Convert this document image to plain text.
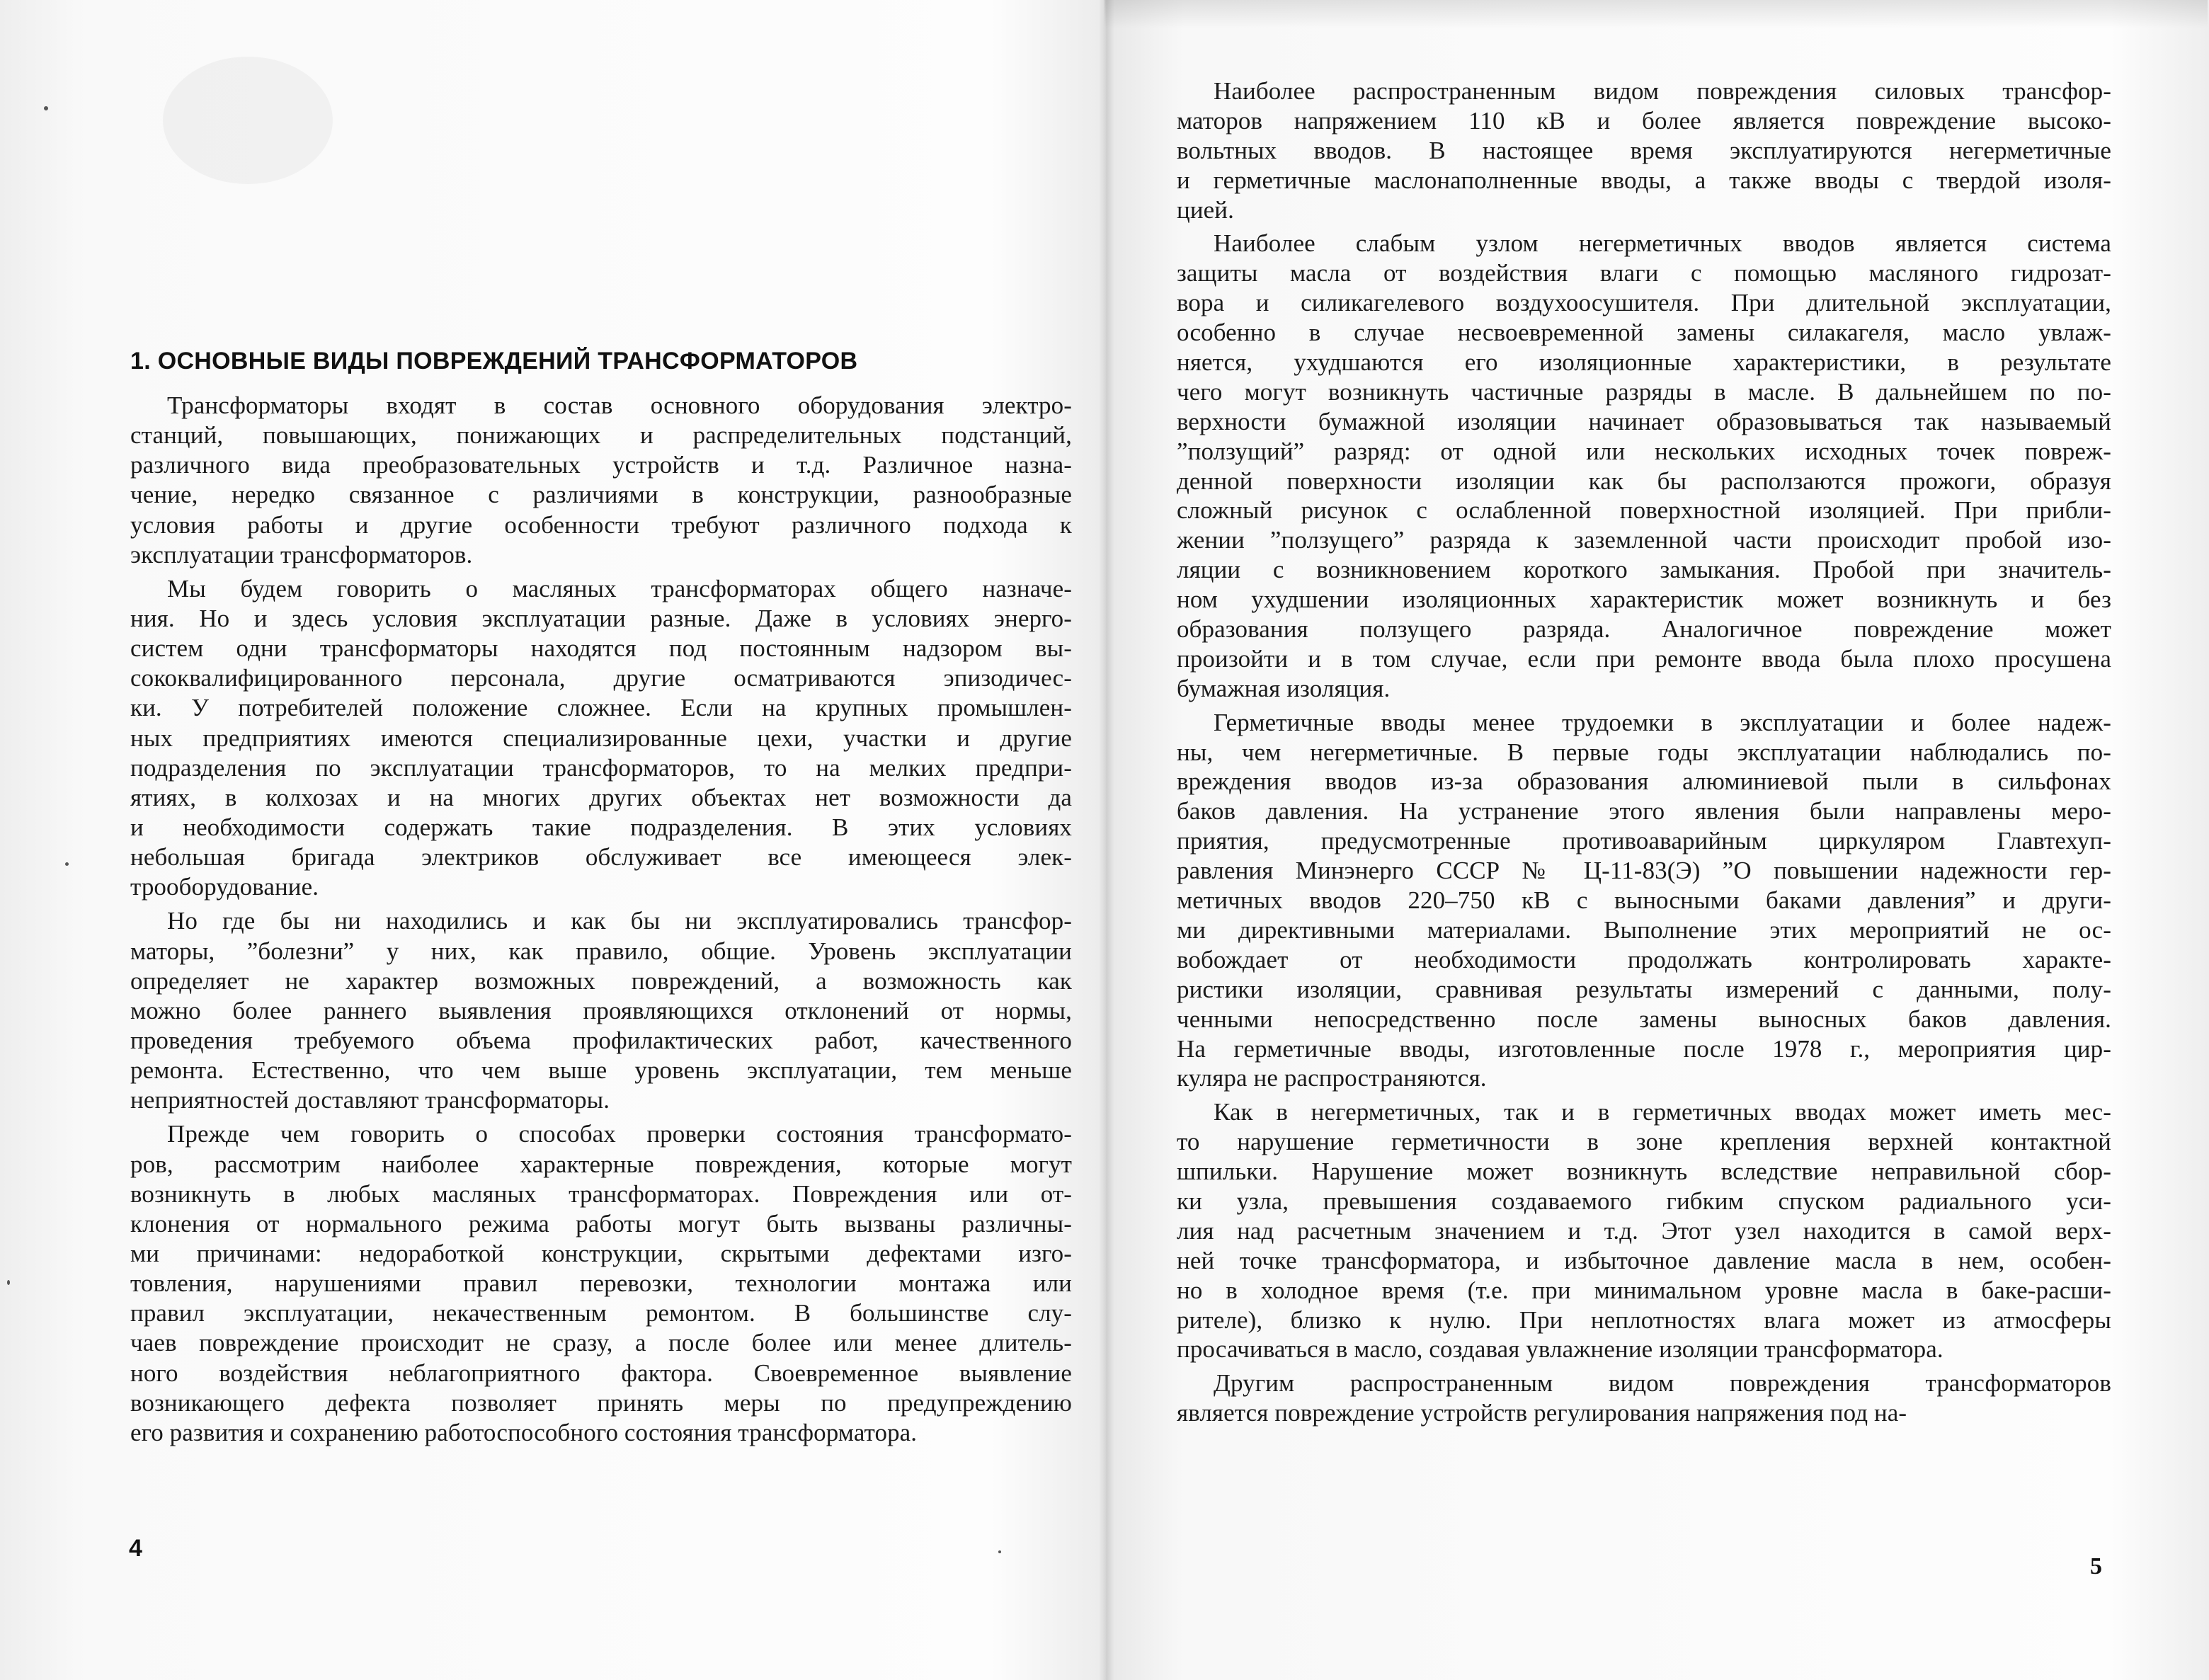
1. ОСНОВНЫЕ ВИДЫ ПОВРЕЖДЕНИЙ ТРАНСФОРМАТОРОВ
Трансформаторы входят в состав основного оборудования электро-
станций, повышающих, понижающих и распределительных подстанций,
различного вида преобразовательных устройств и т.д. Различное назна-
чение, нередко связанное с различиями в конструкции, разнообразные
условия работы и другие особенности требуют различного подхода к
эксплуатации трансформаторов.
Мы будем говорить о масляных трансформаторах общего назначе-
ния. Но и здесь условия эксплуатации разные. Даже в условиях энерго-
систем одни трансформаторы находятся под постоянным надзором вы-
сококвалифицированного персонала, другие осматриваются эпизодичес-
ки. У потребителей положение сложнее. Если на крупных промышлен-
ных предприятиях имеются специализированные цехи, участки и другие
подразделения по эксплуатации трансформаторов, то на мелких предпри-
ятиях, в колхозах и на многих других объектах нет возможности да
и необходимости содержать такие подразделения. В этих условиях
небольшая бригада электриков обслуживает все имеющееся элек-
трооборудование.
Но где бы ни находились и как бы ни эксплуатировались трансфор-
маторы, ”болезни” у них, как правило, общие. Уровень эксплуатации
определяет не характер возможных повреждений, а возможность как
можно более раннего выявления проявляющихся отклонений от нормы,
проведения требуемого объема профилактических работ, качественного
ремонта. Естественно, что чем выше уровень эксплуатации, тем меньше
неприятностей доставляют трансформаторы.
Прежде чем говорить о способах проверки состояния трансформато-
ров, рассмотрим наиболее характерные повреждения, которые могут
возникнуть в любых масляных трансформаторах. Повреждения или от-
клонения от нормального режима работы могут быть вызваны различны-
ми причинами: недоработкой конструкции, скрытыми дефектами изго-
товления, нарушениями правил перевозки, технологии монтажа или
правил эксплуатации, некачественным ремонтом. В большинстве слу-
чаев повреждение происходит не сразу, а после более или менее длитель-
ного воздействия неблагоприятного фактора. Своевременное выявление
возникающего дефекта позволяет принять меры по предупреждению
его развития и сохранению работоспособного состояния трансформатора.
4
Наиболее распространенным видом повреждения силовых трансфор-
маторов напряжением 110 кВ и более является повреждение высоко-
вольтных вводов. В настоящее время эксплуатируются негерметичные
и герметичные маслонаполненные вводы, а также вводы с твердой изоля-
цией.
Наиболее слабым узлом негерметичных вводов является система
защиты масла от воздействия влаги с помощью масляного гидрозат-
вора и силикагелевого воздухоосушителя. При длительной эксплуатации,
особенно в случае несвоевременной замены силакагеля, масло увлаж-
няется, ухудшаются его изоляционные характеристики, в результате
чего могут возникнуть частичные разряды в масле. В дальнейшем по по-
верхности бумажной изоляции начинает образовываться так называемый
”ползущий” разряд: от одной или нескольких исходных точек повреж-
денной поверхности изоляции как бы расползаются прожоги, образуя
сложный рисунок с ослабленной поверхностной изоляцией. При прибли-
жении ”ползущего” разряда к заземленной части происходит пробой изо-
ляции с возникновением короткого замыкания. Пробой при значитель-
ном ухудшении изоляционных характеристик может возникнуть и без
образования ползущего разряда. Аналогичное повреждение может
произойти и в том случае, если при ремонте ввода была плохо просушена
бумажная изоляция.
Герметичные вводы менее трудоемки в эксплуатации и более надеж-
ны, чем негерметичные. В первые годы эксплуатации наблюдались по-
вреждения вводов из-за образования алюминиевой пыли в сильфонах
баков давления. На устранение этого явления были направлены меро-
приятия, предусмотренные противоаварийным циркуляром Главтехуп-
равления Минэнерго СССР № Ц-11-83(Э) ”О повышении надежности гер-
метичных вводов 220–750 кВ с выносными баками давления” и други-
ми директивными материалами. Выполнение этих мероприятий не ос-
вобождает от необходимости продолжать контролировать характе-
ристики изоляции, сравнивая результаты измерений с данными, полу-
ченными непосредственно после замены выносных баков давления.
На герметичные вводы, изготовленные после 1978 г., мероприятия цир-
куляра не распространяются.
Как в негерметичных, так и в герметичных вводах может иметь мес-
то нарушение герметичности в зоне крепления верхней контактной
шпильки. Нарушение может возникнуть вследствие неправильной сбор-
ки узла, превышения создаваемого гибким спуском радиального уси-
лия над расчетным значением и т.д. Этот узел находится в самой верх-
ней точке трансформатора, и избыточное давление масла в нем, особен-
но в холодное время (т.е. при минимальном уровне масла в баке-расши-
рителе), близко к нулю. При неплотностях влага может из атмосферы
просачиваться в масло, создавая увлажнение изоляции трансформатора.
Другим распространенным видом повреждения трансформаторов
является повреждение устройств регулирования напряжения под на-
5
